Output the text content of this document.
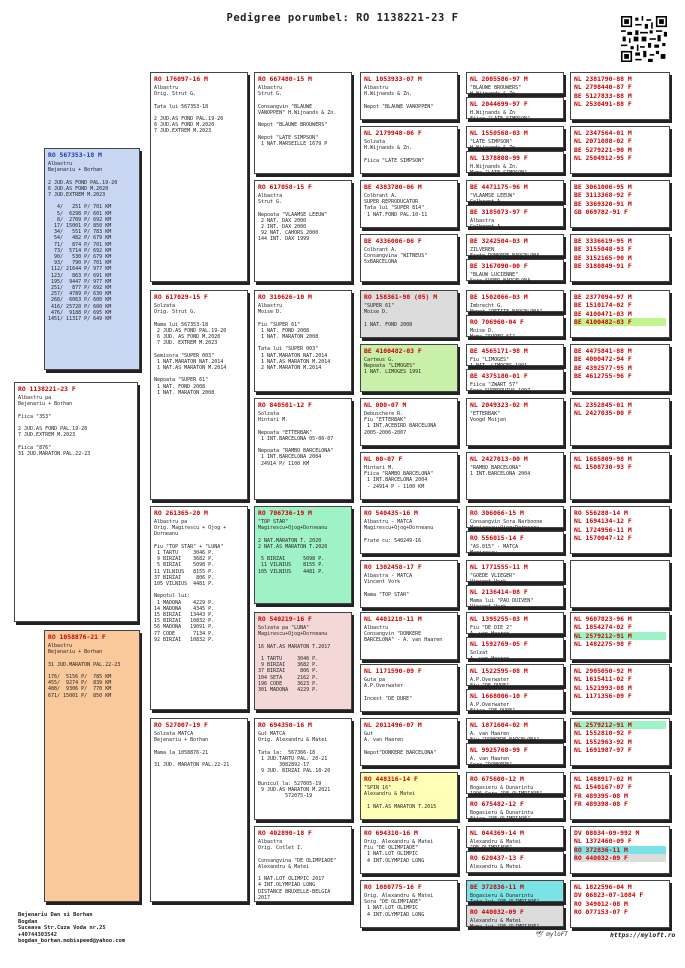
Pedigree porumbel: RO 1138221-23 F
RO 1138221-23 F
Albastru pa
Bejenariu + Borhan

Fiica "353"

2 JUD.AS FOND PAL.19-20
7 JUD.EXTREM M.2023

Fiica "876"
31 JUD.MARATON PAL.22-23
RO 567353-18 M
Albastru
Bejenariu + Borhan

2 JUD.AS FOND PAL.19-20
6 JUD.AS FOND M.2020
7 JUD.EXTREM M.2023

4/   251 P/ 701 KM
5/  6298 P/ 601 KM
8/  2709 P/ 692 KM
17/ 15001 P/ 850 KM
34/   551 P/ 783 KM
54/   482 P/ 679 KM
71/   874 P/ 701 KM
73/  5714 P/ 692 KM
90/   530 P/ 679 KM
93/   790 P/ 701 KM
112/ 21644 P/ 977 KM
123/   863 P/ 691 KM
195/  9447 P/ 977 KM
251/   877 P/ 692 KM
257/  4789 P/ 630 KM
268/  6063 P/ 600 KM
416/ 25720 P/ 600 KM
476/  9188 P/ 695 KM
1451/ 11317 P/ 649 KM
RO 1058876-21 F
Albastru
Bejenariu + Borhan

31 JUD.MARATON PAL.22-23

176/  5156 P/  785 KM
455/  9274 P/  839 KM
488/  9306 P/  770 KM
671/ 15001 P/  850 KM
RO 176097-16 M
Albastru
Orig. Strut G.

Tata lui 567353-18

2 JUD.AS FOND PAL.19-20
6 JUD.AS FOND M.2020
7 JUD.EXTREM M.2023
RO 617029-15 F
Solzata
Orig. Strut G.

Mama lui 567353-18
2 JUD.AS FOND PAL.19-20
6 JUD. AS FOND M.2020
7 JUD. EXTREM M.2023

Semisora "SUPER 003"
1 NAT.MARATON NAT.2014
1 NAT.AS MARATON M.2014

Nepoata "SUPER 61"
1 NAT. FOND 2008
1 NAT. MARATON 2008
RO 261365-20 M
Albastru pa
Orig. Magirescu + Ojog +
Dorneanu

Fiu "TOP STAR" + "LUNA"
1 TARTU     3046 P.
9 BIRZAI    3682 P.
5 BIRZAI    5098 P.
11 VILNIUS   8155 P.
37 BIRZAI     806 P.
105 VILNIUS  4481 P.

Nepotul lui:
1 MADONA    4229 P.
14 MADONA    4345 P.
15 BIRZAI   13443 P.
15 BIRZAI   10832 P.
56 MADONA   19091 P.
77 CODE      7134 P.
92 BIRZAI   10832 P.
RO 527007-19 F
Solzata MATCA
Bejenariu + Borhan

Mama la 1058876-21

31 JUD. MARATON PAL.22-21
RO 667480-15 M
Albastru
Strut G.

Consangvin "BLAUWE
VANOPPEN" H.Wijnands & Zn.

Nepot "BLAUWE BROUWERS"

Nepot "LATE SIMPSON"
1 NAT.MARSEILLE 1679 P
RO 617058-15 F
Albastra
Strut G.

Nepoata "VLAAMSE LEEUW"
2 NAT. DAX 2000
2 INT. DAX 2000
92 NAT. CAHORS 2000
144 INT. DAX 1999
RO 310626-10 M
Albastru
Moise D.

Fiu "SUPER 61"
1 NAT. FOND 2008
1 NAT. MARATON 2008

Tata lui "SUPER 003"
1 NAT.MARATON NAT.2014
1 NAT.AS MARATON M.2014
2 NAT.MARATON M.2014
RO 840501-12 F
Solzata
Hintari M.

Nepoata "ETTERBAK"
1 INT.BARCELONA 05-06-07

Nepoata "RAMBO BARCELONA"
1 INT.BARCELONA 2004
24914 P/ 1100 KM
RO 706736-19 M
"TOP STAR"
Magirescu+Ojog+Dorneanu

2 NAT.MARATON T. 2020
2 NAT.AS MARATON T.2020

5 BIRZAI      5098 P.
11 VILNIUS    8155 P.
105 VILNIUS    4481 P.
RO 540219-16 F
Solzata pa "LUNA"
Magirescu+Ojog+Dorneanu

16 NAT.AS MARATON T.2017

1 TARTU     3046 P.
9 BIRZAI    3682 P.
37 BIRZAI     806 P.
104 SETA     2162 P.
196 CODE     3623 P.
301 MADONA   4229 P.
RO 694350-16 M
Gut MATCA
Orig. Alexandru & Matei

Tata la:  567366-18
1 JUD.TARTU PAL. 20-21
3082892-17
9 JUD. BIRZAI PAL.18-20

Bunicul la: 527005-19
9 JUD.AS MARATON M.2021
572075-19
RO 402890-18 F
Albastra
Orig. Cotlet I.

Consangvina "DE OLIMPIADE"
Alexandru & Matei

1 NAT.LOT OLIMPIC 2017
4 INT.OLYMPIAD LONG
DISTANCE BRUXELLE-BELGIA
2017
NL 1053933-07 M
Albastru
H.Wijnands & Zn.

Nepot "BLAUWE VANOPPEN"
NL 2179948-06 F
Solzata
H.Wijnands & Zn.

Fiica "LATE SIMPSON"
BE 4383780-06 M
Colbrant A.
SUPER REPRODUCATOR
Tata lui "SUPER 814"
1 NAT.FOND PAL.10-11
BE 4336006-06 F
Colbrant A.
Consangvina "WITNEUS"
5xBARCELONA
RO 158361-98 (05) M
"SUPER 61"
Moise D.

1 NAT. FOND 2008
BE 4100482-03 F
Carteus G.
Nepoata "LIMOGES"
1 NAT. LIMOGES 1991
NL 000-07 M
Debuschere R.
Fiu "ETTERBAK"
1 INT.ACEBIRD BARCELONA
2005-2006-2007
NL 00-07 F
Hintari M.
Fiica "RAMBO BARCELONA"
1 INT.BARCELONA 2004
- 24914 P - 1100 KM
RO 540435-16 M
Albastru - MATCA
Magirescu+Ojog+Dorneanu

Frate cu: 540249-16
RO 1302458-17 F
Albastra - MATCA
Vincent Vork

Mama "TOP STAR"
NL 4401218-11 M
Albastru
Consangvin "DONKERE
BARCELONA" - A. van Haaren
NL 1171590-09 F
Guta pa
A.P.Overwater

Incest "DE DURE"
NL 2011496-07 M
Gut
A. van Haaren

Nepot"DONKERE BARCELONA"
RO 448316-14 F
"SPIN 16"
Alexandru & Matei

1 NAT.AS MARATON T.2015
RO 694310-16 M
Orig. Alexandru & Matei
Fiu "DE OLIMPIADE"
1 NAT.LOT OLIMPIC
4 INT.OLYMPIAD LONG
RO 1080775-16 F
Orig. Alexandru & Matei
Sora "DE OLIMPIADE"
1 NAT.LOT OLIMPIC
4 INT.OLYMPIAD LONG
NL 2005586-97 M
"BLAUWE BROUWERS"
H.Wijnands & Zn.
NL 2044699-97 F
H.Wijnands & Zn
Fiica "LATE SIMPSON"
NL 1550568-03 M
"LATE SIMPSON"
H.Wijnands & Zn.
NL 1378808-99 F
H.Wijnands & Zn.
Mama "LATE SIMPSON"
BE 4471175-96 M
"VLAAMSE LEEUW"
Colbrant A.
BE 3185073-97 F
Albastra
Colbrant A.
BE 3242504-03 M
ZILVEREN
Frate DONKERE BARCELONA
BE 3167090-00 F
"BLAUW LUCIENNE"
Sora SUPER BARCELONA
BE 1502066-03 M
Imbrecht G.
Nepot "PETITE BARCELONA"
RO 706960-04 F
Moise D.
Mama "SUPER 61"
BE 4565171-98 M
Fiu "LIMOGES"
1 NAT. LIMOGES 1991
BE 4375180-01 F
Fiica "ZWART 57"
Sora SUPERPUIUS 1997
NL 2049323-02 M
"ETTERBAK"
Voogd Moijen
NL 2427013-00 M
"RAMBO BARCELONA"
1 INT.BARCELONA 2004
RO 306066-15 M
Consangvin Sora Narbonne
Magirescu+Ojog+Dorneanu
RO 556015-14 F
"AS.015" - MATCA
Magirescu
NL 1771555-11 M
"GOEDE VLIEGER"
Vincent Vork
NL 2136414-08 F
Mama lui "PAU DUIVEN"
Vincent Vork
NL 1395255-03 M
Fiu "DE DIE 2"
A. van Haaren
NL 1592769-05 F
Solzat
A. van Haaren
NL 1522595-08 M
A.P.Overwater
Fiu "DE DURE"
NL 1668006-10 F
A.P.Overwater
Fiica "DE DURE"
NL 1871604-02 M
A. van Haaren
Fiu "DONKERE BARCELONA"
NL 9925768-99 F
A. van Haaren
Sora "DONKERE"
RO 675600-12 M
Bogasieru & Dunarintu
1996 Sora "DE OLIMPIADE"
RO 675482-12 F
Bogasieru & Dunarintu
Fiica "DE OLIMPIADE"
NL 044369-14 M
Alexandru & Matei
"DE OLIMPIADE"
RO 620437-13 F
Alexandru & Matei
BE 372836-11 M
Bogasieru & Dunarintu
Tata lui "DE OLIMPIADE"
RO 440032-09 F
Alexandru & Matei
Mama lui "DE OLIMPIADE"
NL 2381790-88 M
NL 2798440-87 F
BE 5127833-88 M
NL 2530491-88 F
NL 2347564-01 M
NL 2071088-02 F
BE 5279221-90 M
NL 2504912-95 F
BE 3061006-95 M
BE 3113368-92 F
BE 3369320-91 M
GB 069782-91 F
BE 3336619-95 M
BE 3155048-93 F
BE 3152165-90 M
BE 3180849-91 F
BE 2377094-97 M
BE 1510174-02 F
BE 4100471-03 M
BE 4100482-03 F
BE 4475841-88 M
BE 4000472-94 F
BE 4392577-95 M
BE 4612755-96 F
NL 2352845-01 M
NL 2427035-00 F
NL 1685809-98 M
NL 1508730-93 F
RO 556288-14 M
NL 1694134-12 F
NL 1724956-11 M
NL 1570047-12 F
NL 9607823-96 M
NL 1854274-02 F
NL 2579212-91 M
NL 1482275-98 F
NL 2905050-92 M
NL 1615411-02 F
NL 1521993-08 M
NL 1171356-09 F
NL 2579212-91 M
NL 1552810-92 F
NL 1552963-92 M
NL 1691987-97 F
NL 1488917-02 M
NL 1540167-07 F
FR 489395-08 M
FR 489398-08 F
DV 08034-09-992 M
NL 1372460-09 F
RO 372836-11 M
RO 440032-09 F
NL 1822596-04 M
DV 06823-07-1084 F
RO 349012-08 M
RO 077153-07 F
Bejenariu Dan si Borhan
Bogdan
Suceava Str.Cuza Voda nr.25
+40744303542
bogdan_borhan.mobispeed@yahoo.com
🕊 myloFT	https://myloft.ro
